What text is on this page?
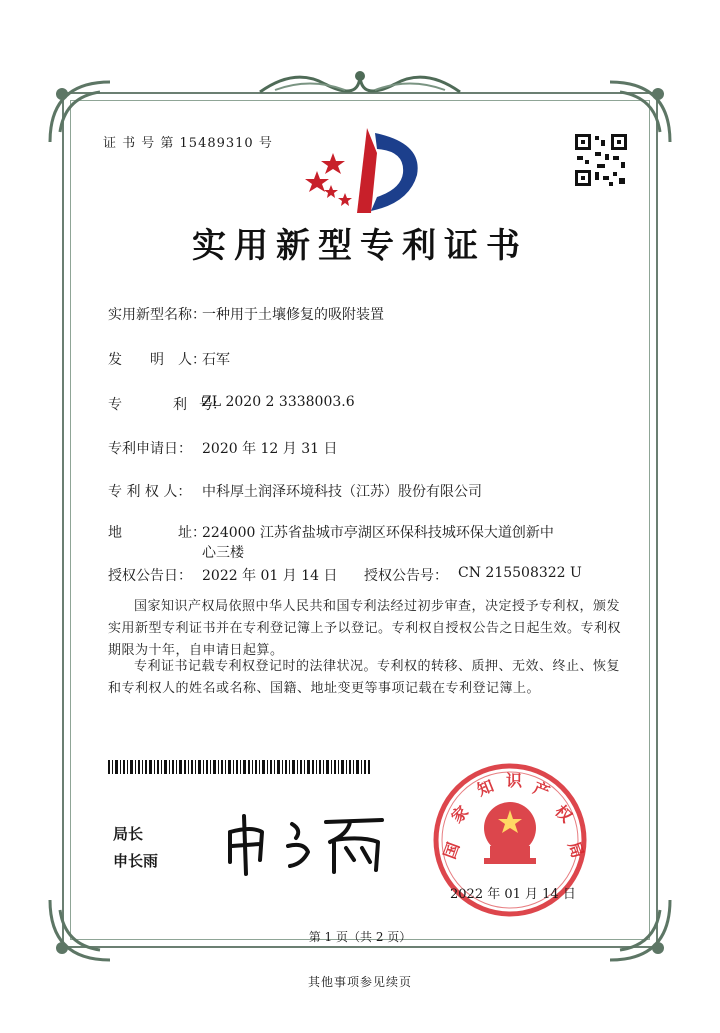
证 书 号 第 15489310 号
实用新型专利证书
实用新型名称：
一种用于土壤修复的吸附装置
发　　明　人：
石军
专　　　　利　号：
ZL 2020 2 3338003.6
专利申请日： 2020 年 12 月 31 日
专 利 权 人： 中科厚土润泽环境科技（江苏）股份有限公司
地　　　　址：
224000 江苏省盐城市亭湖区环保科技城环保大道创新中
心三楼
授权公告日： 2022 年 01 月 14 日 授权公告号： CN 215508322 U
国家知识产权局依照中华人民共和国专利法经过初步审查，决定授予专利权，颁发实用新型专利证书并在专利登记簿上予以登记。专利权自授权公告之日起生效。专利权期限为十年，自申请日起算。
专利证书记载专利权登记时的法律状况。专利权的转移、质押、无效、终止、恢复和专利权人的姓名或名称、国籍、地址变更等事项记载在专利登记簿上。
局长
申长雨	国
家
知 识 产
权
局
2022 年 01 月 14 日
第 1 页（共 2 页）
其他事项参见续页
